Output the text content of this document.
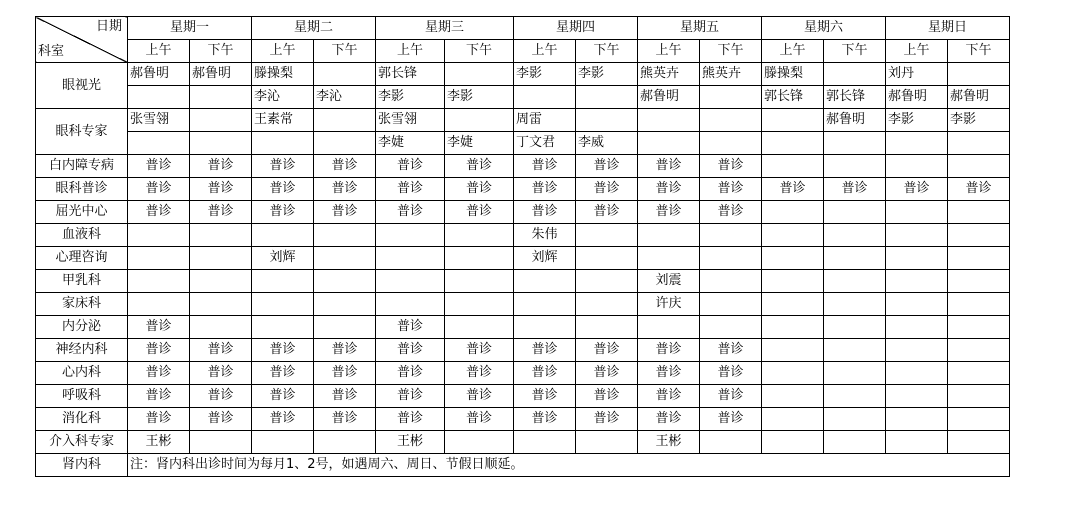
日期
科室	星期一		星期二		星期三		星期四		星期五		星期六		星期日	
	上午	下午	上午	下午	上午	下午	上午	下午	上午	下午	上午	下午	上午	下午
眼视光	郝鲁明	郝鲁明	滕操梨		郭长锋		李影	李影	熊英卉	熊英卉	滕操梨		刘丹	
			李沁	李沁	李影	李影			郝鲁明		郭长锋	郭长锋	郝鲁明	郝鲁明
眼科专家	张雪翎		王素常		张雪翎		周雷					郝鲁明	李影	李影
					李婕	李婕	丁文君	李威						
白内障专病	普诊	普诊	普诊	普诊	普诊	普诊	普诊	普诊	普诊	普诊				
眼科普诊	普诊	普诊	普诊	普诊	普诊	普诊	普诊	普诊	普诊	普诊	普诊	普诊	普诊	普诊
屈光中心	普诊	普诊	普诊	普诊	普诊	普诊	普诊	普诊	普诊	普诊				
血液科							朱伟							
心理咨询			刘辉				刘辉							
甲乳科									刘震					
家床科									许庆					
内分泌	普诊				普诊									
神经内科	普诊	普诊	普诊	普诊	普诊	普诊	普诊	普诊	普诊	普诊				
心内科	普诊	普诊	普诊	普诊	普诊	普诊	普诊	普诊	普诊	普诊				
呼吸科	普诊	普诊	普诊	普诊	普诊	普诊	普诊	普诊	普诊	普诊				
消化科	普诊	普诊	普诊	普诊	普诊	普诊	普诊	普诊	普诊	普诊				
介入科专家	王彬				王彬				王彬					
肾内科	注：肾内科出诊时间为每月1、2号，如遇周六、周日、节假日顺延。													
